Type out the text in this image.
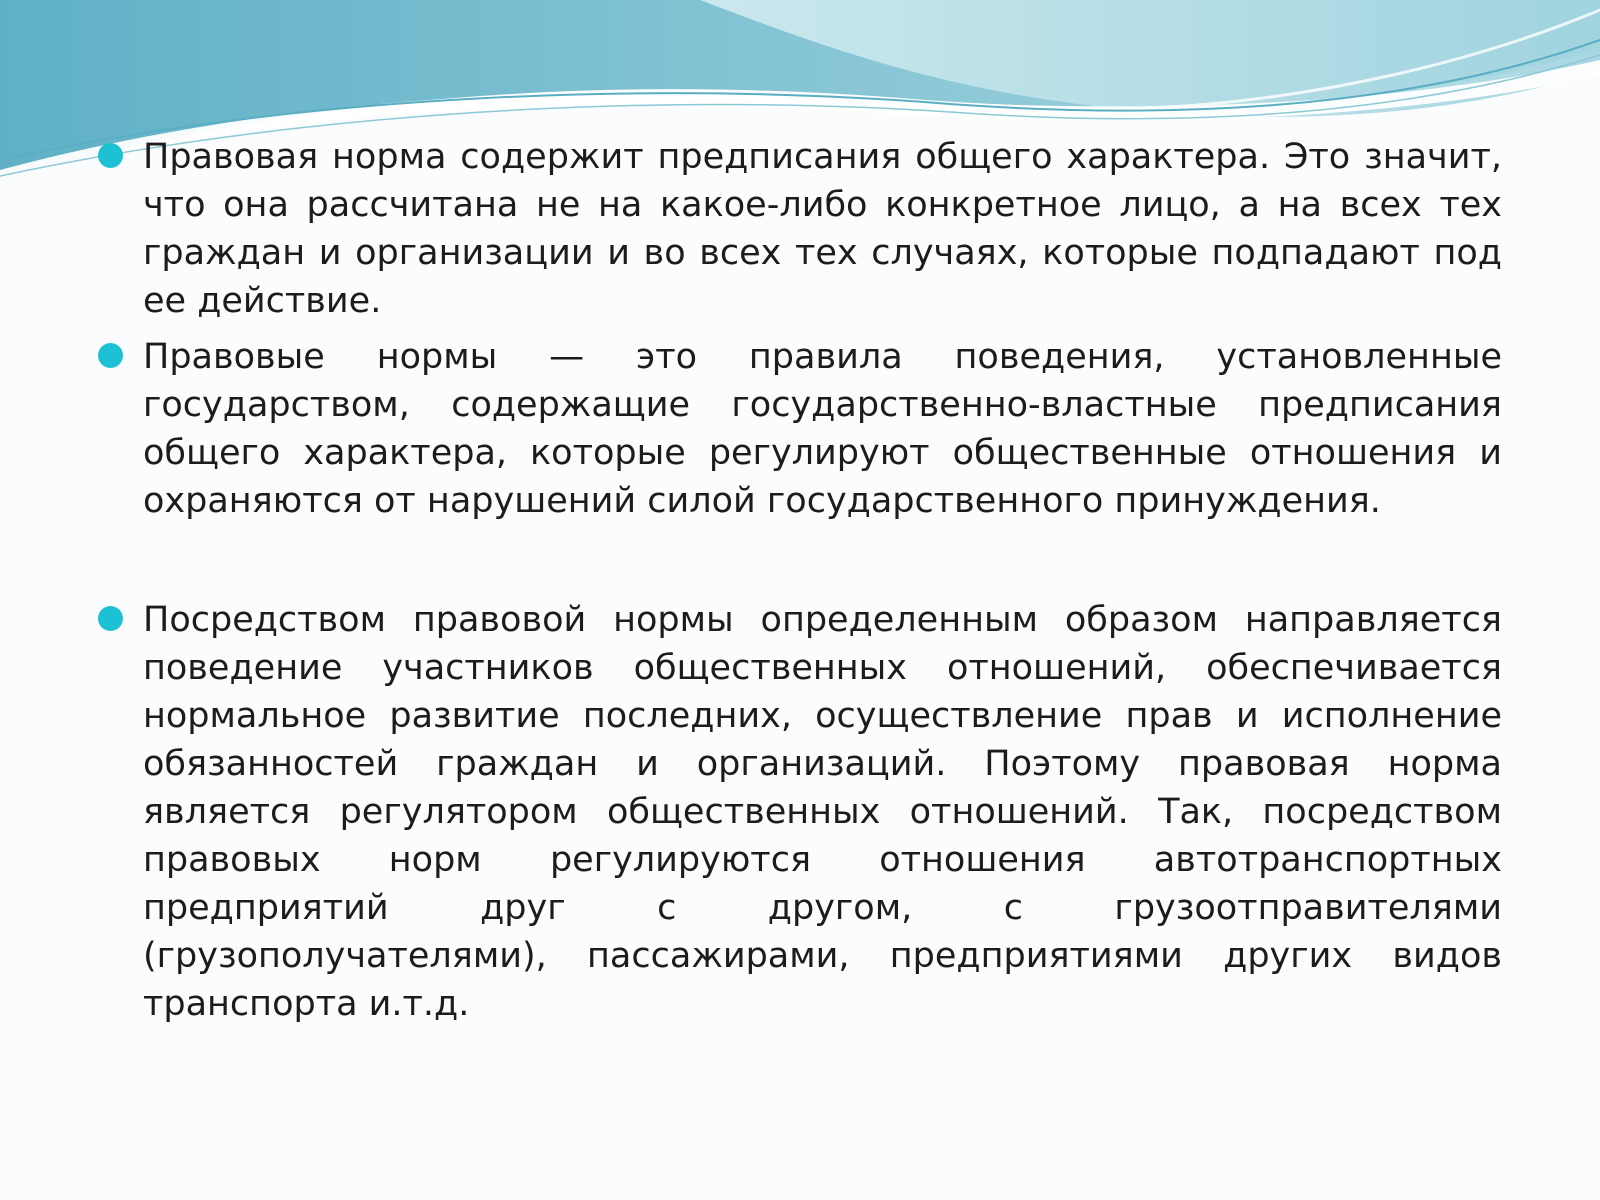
Правовая норма содержит предписания общего характера. Это значит, что она рассчитана не на какое-либо конкретное лицо, а на всех тех граждан и организации и во всех тех случаях, которые подпадают под ее действие.

Правовые нормы — это правила поведения, установленные государством, содержащие государственно-властные предписания общего характера, которые регулируют общественные отношения и охраняются от нарушений силой государственного принуждения.

Посредством правовой нормы определенным образом направляется поведение участников общественных отношений, обеспечивается нормальное развитие последних, осуществление прав и исполнение обязанностей граждан и организаций. Поэтому правовая норма является регулятором общественных отношений. Так, посредством правовых норм регулируются отношения автотранспортных предприятий друг с другом, с грузоотправителями (грузополучателями), пассажирами, предприятиями других видов транспорта и.т.д.
